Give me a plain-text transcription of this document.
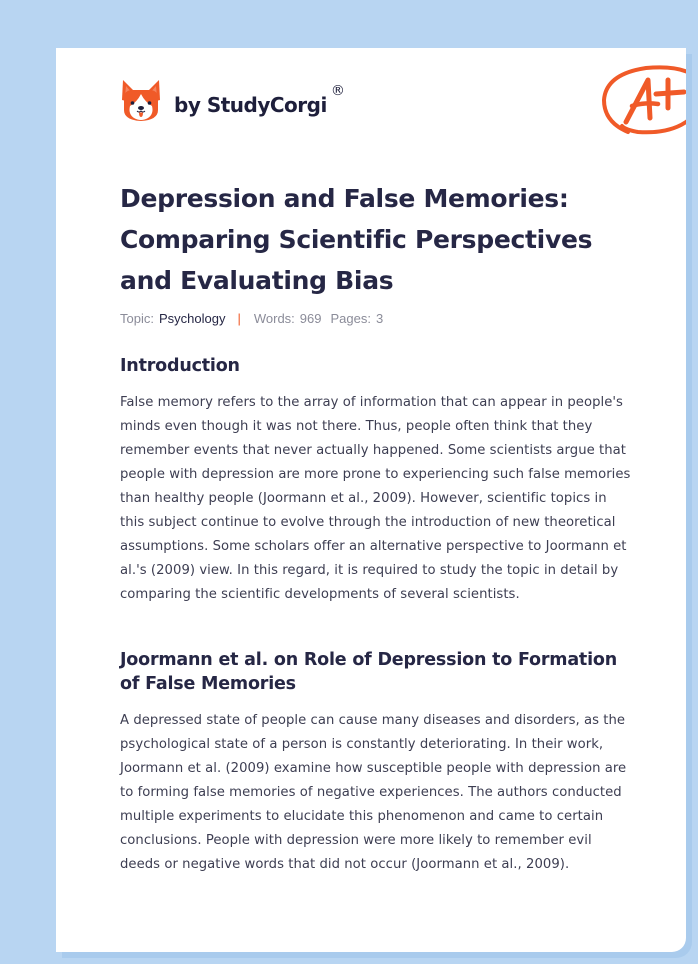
by StudyCorgi
®
Depression and False Memories: Comparing Scientific Perspectives and Evaluating Bias
Topic: Psychology | Words: 969 Pages: 3
Introduction

False memory refers to the array of information that can appear in people's minds even though it was not there. Thus, people often think that they remember events that never actually happened. Some scientists argue that people with depression are more prone to experiencing such false memories than healthy people (Joormann et al., 2009). However, scientific topics in this subject continue to evolve through the introduction of new theoretical assumptions. Some scholars offer an alternative perspective to Joormann et al.'s (2009) view. In this regard, it is required to study the topic in detail by comparing the scientific developments of several scientists.

Joormann et al. on Role of Depression to Formation of False Memories

A depressed state of people can cause many diseases and disorders, as the psychological state of a person is constantly deteriorating. In their work, Joormann et al. (2009) examine how susceptible people with depression are to forming false memories of negative experiences. The authors conducted multiple experiments to elucidate this phenomenon and came to certain conclusions. People with depression were more likely to remember evil deeds or negative words that did not occur (Joormann et al., 2009).
